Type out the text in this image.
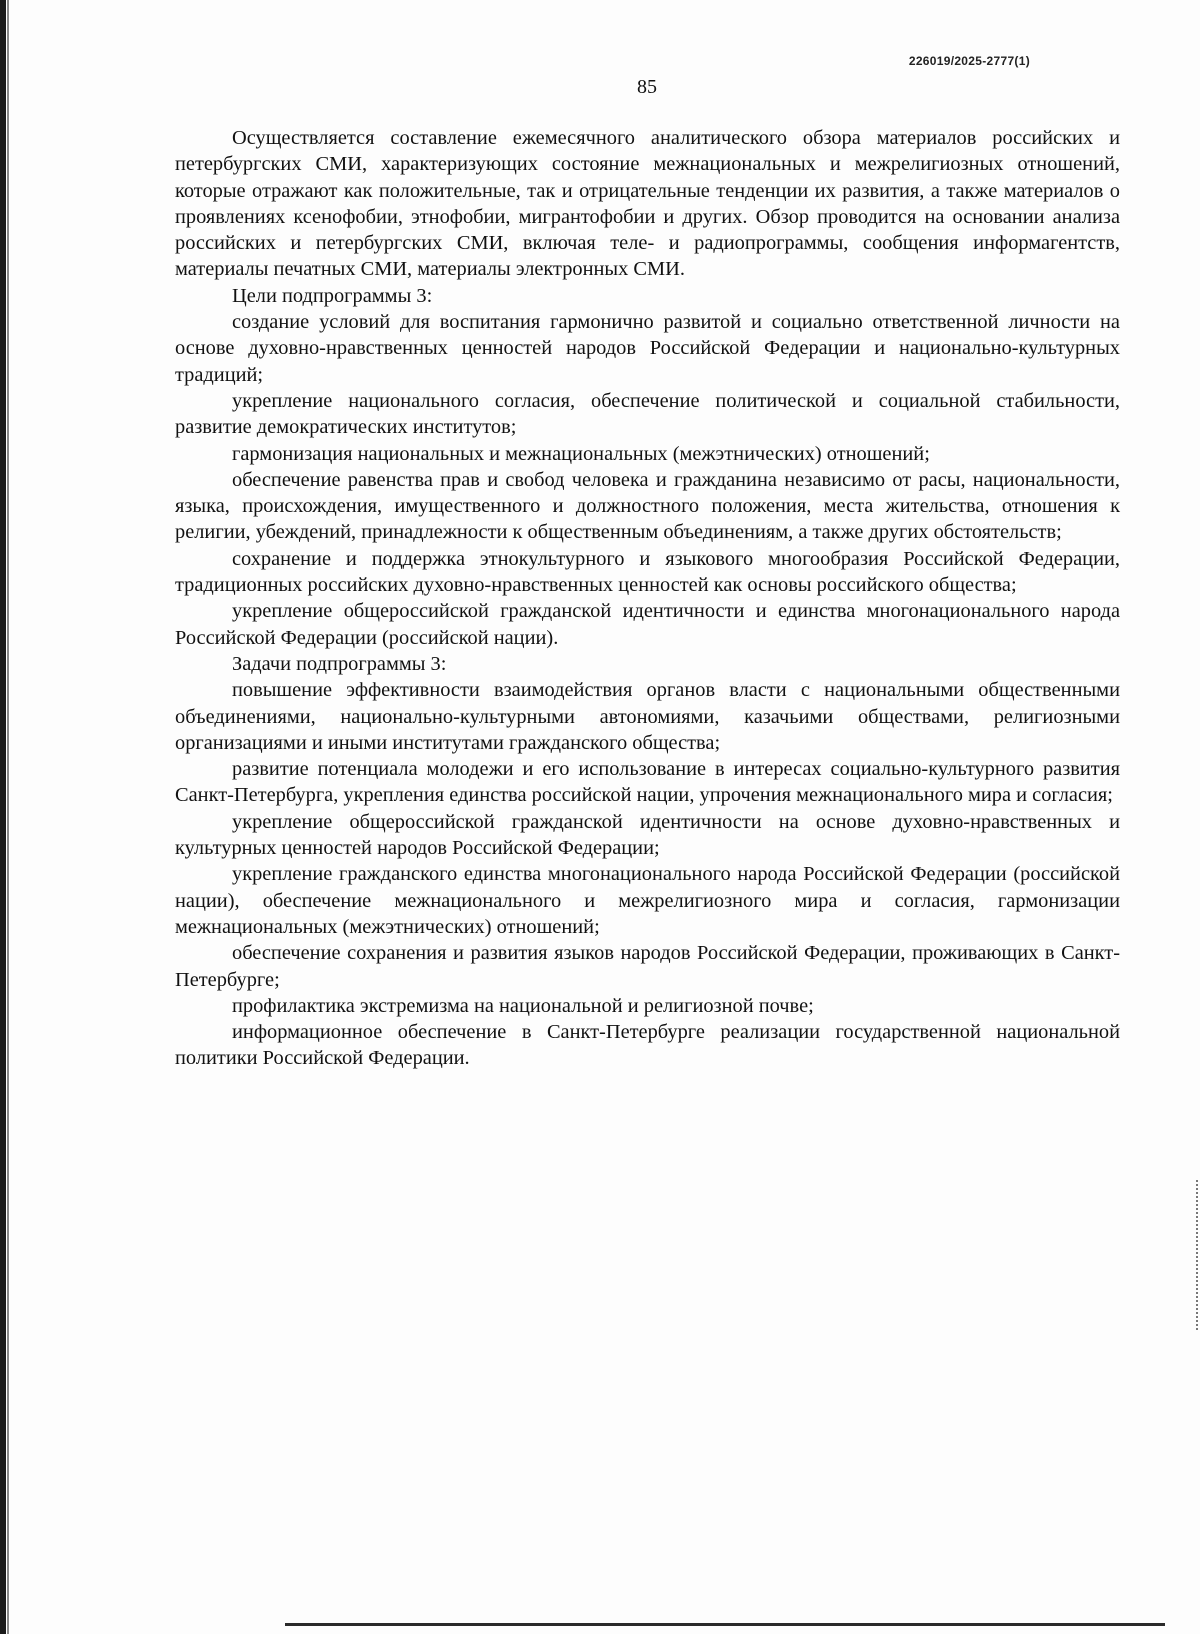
226019/2025-2777(1)
85

Осуществляется составление ежемесячного аналитического обзора материалов российских и петербургских СМИ, характеризующих состояние межнациональных и межрелигиозных отношений, которые отражают как положительные, так и отрицательные тенденции их развития, а также материалов о проявлениях ксенофобии, этнофобии, мигрантофобии и других. Обзор проводится на основании анализа российских и петербургских СМИ, включая теле- и радиопрограммы, сообщения информагентств, материалы печатных СМИ, материалы электронных СМИ.

Цели подпрограммы 3:

создание условий для воспитания гармонично развитой и социально ответственной личности на основе духовно-нравственных ценностей народов Российской Федерации и национально-культурных традиций;

укрепление национального согласия, обеспечение политической и социальной стабильности, развитие демократических институтов;

гармонизация национальных и межнациональных (межэтнических) отношений;

обеспечение равенства прав и свобод человека и гражданина независимо от расы, национальности, языка, происхождения, имущественного и должностного положения, места жительства, отношения к религии, убеждений, принадлежности к общественным объединениям, а также других обстоятельств;

сохранение и поддержка этнокультурного и языкового многообразия Российской Федерации, традиционных российских духовно-нравственных ценностей как основы российского общества;

укрепление общероссийской гражданской идентичности и единства многонационального народа Российской Федерации (российской нации).

Задачи подпрограммы 3:

повышение эффективности взаимодействия органов власти с национальными общественными объединениями, национально-культурными автономиями, казачьими обществами, религиозными организациями и иными институтами гражданского общества;

развитие потенциала молодежи и его использование в интересах социально-культурного развития Санкт-Петербурга, укрепления единства российской нации, упрочения межнационального мира и согласия;

укрепление общероссийской гражданской идентичности на основе духовно-нравственных и культурных ценностей народов Российской Федерации;

укрепление гражданского единства многонационального народа Российской Федерации (российской нации), обеспечение межнационального и межрелигиозного мира и согласия, гармонизации межнациональных (межэтнических) отношений;

обеспечение сохранения и развития языков народов Российской Федерации, проживающих в Санкт-Петербурге;

профилактика экстремизма на национальной и религиозной почве;

информационное обеспечение в Санкт-Петербурге реализации государственной национальной политики Российской Федерации.
